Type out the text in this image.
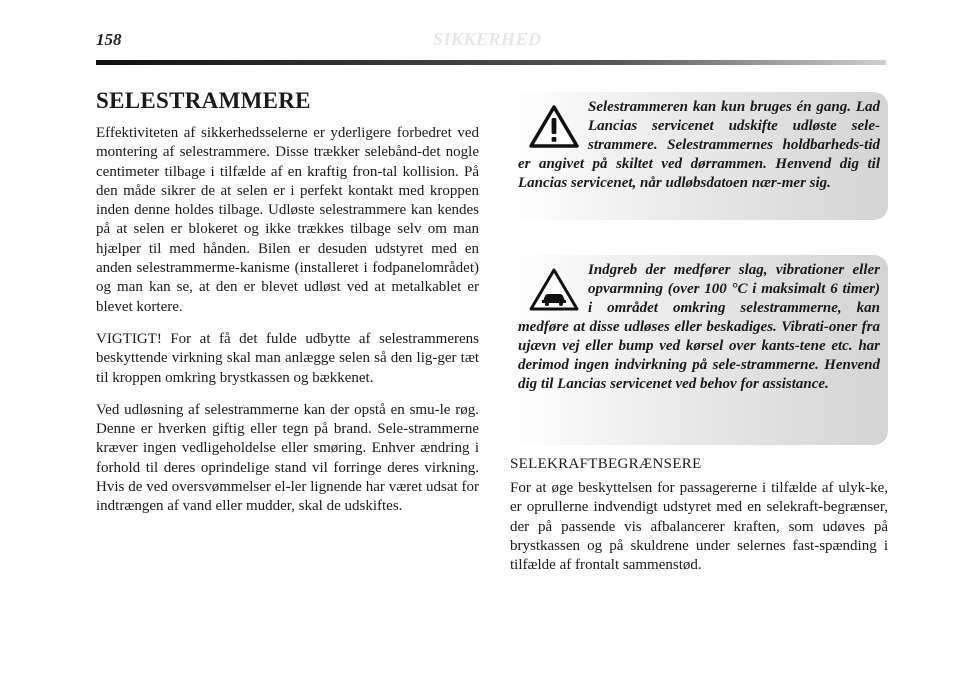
158	SIKKERHED
SELESTRAMMERE

Effektiviteten af sikkerhedsselerne er yderligere forbedret ved montering af selestrammere. Disse trækker selebånd-det nogle centimeter tilbage i tilfælde af en kraftig fron-tal kollision. På den måde sikrer de at selen er i perfekt kontakt med kroppen inden denne holdes tilbage. Udløste selestrammere kan kendes på at selen er blokeret og ikke trækkes tilbage selv om man hjælper til med hånden. Bilen er desuden udstyret med en anden selestrammerme-kanisme (installeret i fodpanelområdet) og man kan se, at den er blevet udløst ved at metalkablet er blevet kortere.

VIGTIGT! For at få det fulde udbytte af selestrammerens beskyttende virkning skal man anlægge selen så den lig-ger tæt til kroppen omkring brystkassen og bækkenet.

Ved udløsning af selestrammerne kan der opstå en smu-le røg. Denne er hverken giftig eller tegn på brand. Sele-strammerne kræver ingen vedligeholdelse eller smøring. Enhver ændring i forhold til deres oprindelige stand vil forringe deres virkning. Hvis de ved oversvømmelser el-ler lignende har været udsat for indtrængen af vand eller mudder, skal de udskiftes.

Selestrammeren kan kun bruges én gang. Lad Lancias servicenet udskifte udløste sele-strammere. Selestrammernes holdbarheds-tid er angivet på skiltet ved dørrammen. Henvend dig til Lancias servicenet, når udløbsdatoen nær-mer sig.

Indgreb der medfører slag, vibrationer eller opvarmning (over 100 °C i maksimalt 6 timer) i området omkring selestrammerne, kan medføre at disse udløses eller beskadiges. Vibrati-oner fra ujævn vej eller bump ved kørsel over kants-tene etc. har derimod ingen indvirkning på sele-strammerne. Henvend dig til Lancias servicenet ved behov for assistance.

SELEKRAFTBEGRÆNSERE

For at øge beskyttelsen for passagererne i tilfælde af ulyk-ke, er oprullerne indvendigt udstyret med en selekraft-begrænser, der på passende vis afbalancerer kraften, som udøves på brystkassen og på skuldrene under selernes fast-spænding i tilfælde af frontalt sammenstød.
